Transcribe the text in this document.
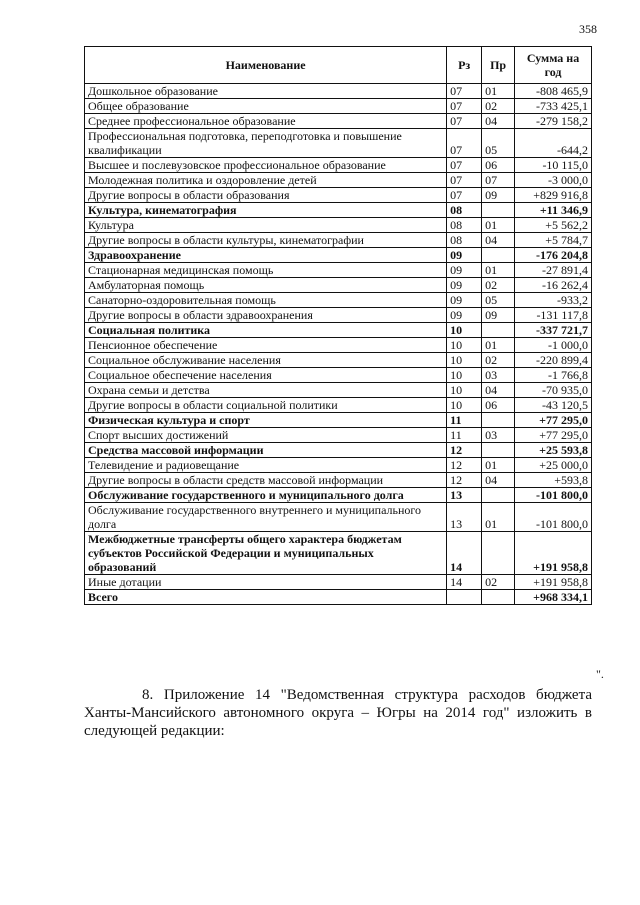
358
Наименование	Рз	Пр	Сумма на год
Дошкольное образование	07	01	-808 465,9
Общее образование	07	02	-733 425,1
Среднее профессиональное образование	07	04	-279 158,2
Профессиональная подготовка, переподготовка и повышение квалификации	07	05	-644,2
Высшее и послевузовское профессиональное образование	07	06	-10 115,0
Молодежная политика и оздоровление детей	07	07	-3 000,0
Другие вопросы в области образования	07	09	+829 916,8
Культура, кинематография	08		+11 346,9
Культура	08	01	+5 562,2
Другие вопросы в области культуры, кинематографии	08	04	+5 784,7
Здравоохранение	09		-176 204,8
Стационарная медицинская помощь	09	01	-27 891,4
Амбулаторная помощь	09	02	-16 262,4
Санаторно-оздоровительная помощь	09	05	-933,2
Другие вопросы в области здравоохранения	09	09	-131 117,8
Социальная политика	10		-337 721,7
Пенсионное обеспечение	10	01	-1 000,0
Социальное обслуживание населения	10	02	-220 899,4
Социальное обеспечение населения	10	03	-1 766,8
Охрана семьи и детства	10	04	-70 935,0
Другие вопросы в области социальной политики	10	06	-43 120,5
Физическая культура и спорт	11		+77 295,0
Спорт высших достижений	11	03	+77 295,0
Средства массовой информации	12		+25 593,8
Телевидение и радиовещание	12	01	+25 000,0
Другие вопросы в области средств массовой информации	12	04	+593,8
Обслуживание государственного и муниципального долга	13		-101 800,0
Обслуживание государственного внутреннего и муниципального долга	13	01	-101 800,0
Межбюджетные трансферты общего характера бюджетам субъектов Российской Федерации и муниципальных образований	14		+191 958,8
Иные дотации	14	02	+191 958,8
Всего			+968 334,1
".

8. Приложение 14 "Ведомственная структура расходов бюджета Ханты-Мансийского автономного округа – Югры на 2014 год" изложить в следующей редакции:
